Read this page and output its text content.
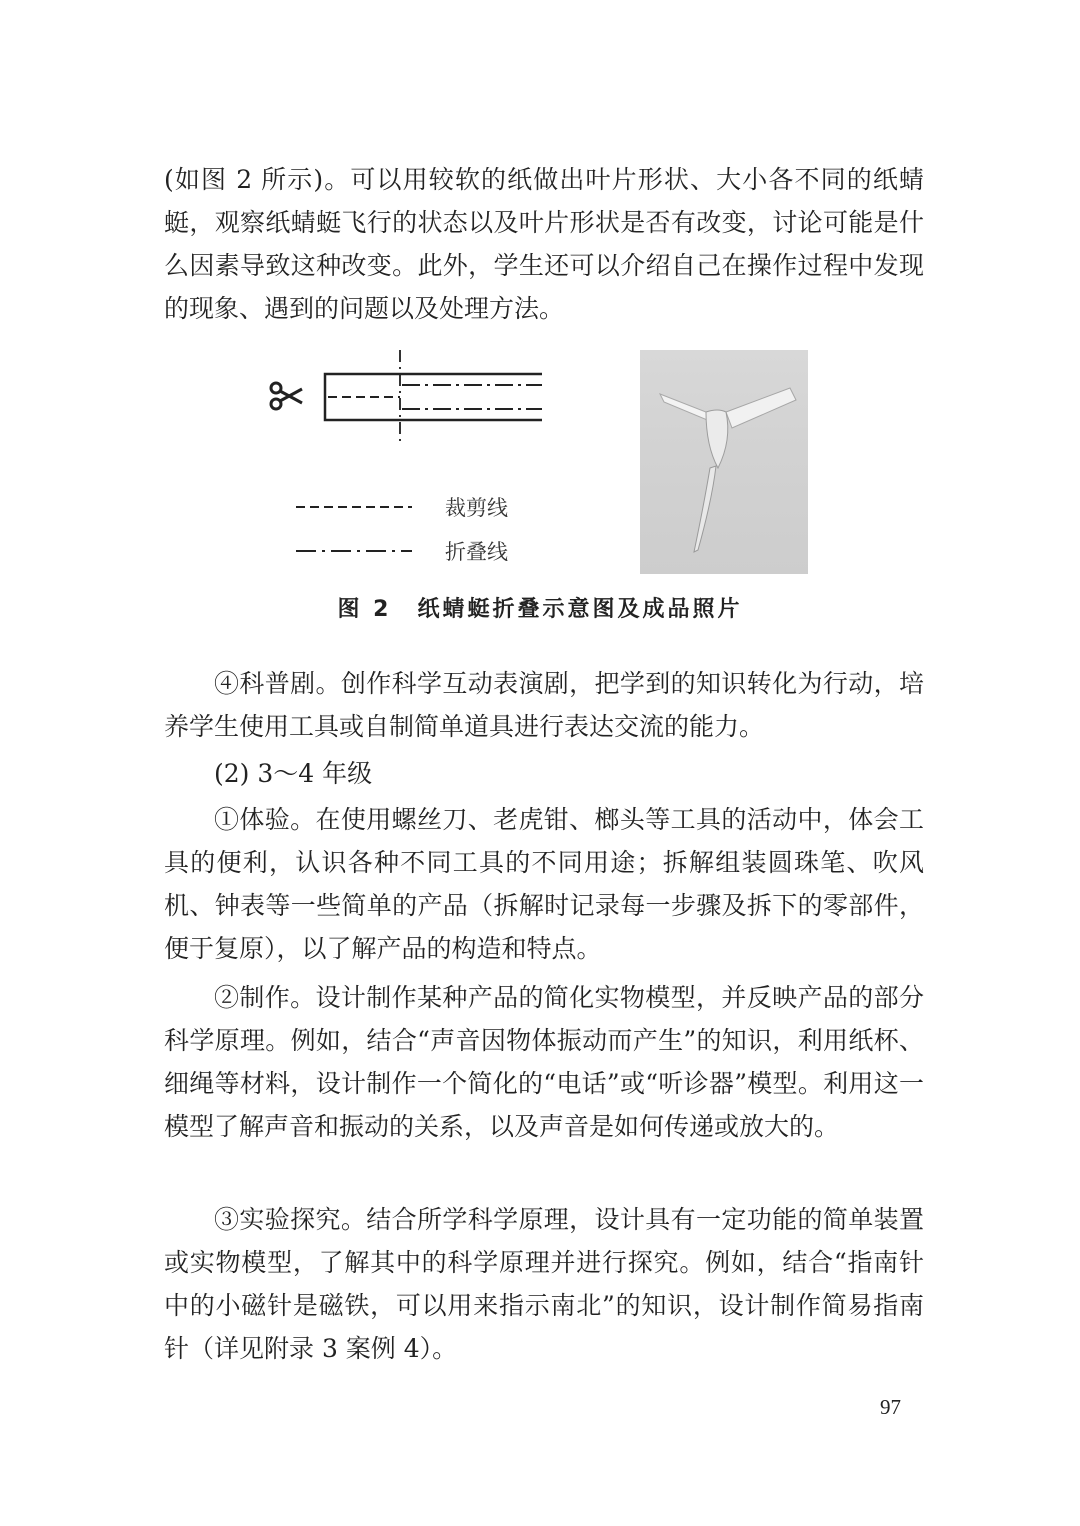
(如图 2 所示)。可以用较软的纸做出叶片形状、大小各不同的纸蜻蜓，观察纸蜻蜓飞行的状态以及叶片形状是否有改变，讨论可能是什么因素导致这种改变。此外，学生还可以介绍自己在操作过程中发现的现象、遇到的问题以及处理方法。

裁剪线
折叠线
图 2 纸蜻蜓折叠示意图及成品照片

④科普剧。创作科学互动表演剧，把学到的知识转化为行动，培养学生使用工具或自制简单道具进行表达交流的能力。

(2) 3～4 年级

①体验。在使用螺丝刀、老虎钳、榔头等工具的活动中，体会工具的便利，认识各种不同工具的不同用途；拆解组装圆珠笔、吹风机、钟表等一些简单的产品（拆解时记录每一步骤及拆下的零部件，便于复原），以了解产品的构造和特点。

②制作。设计制作某种产品的简化实物模型，并反映产品的部分科学原理。例如，结合“声音因物体振动而产生”的知识，利用纸杯、细绳等材料，设计制作一个简化的“电话”或“听诊器”模型。利用这一模型了解声音和振动的关系，以及声音是如何传递或放大的。

③实验探究。结合所学科学原理，设计具有一定功能的简单装置或实物模型，了解其中的科学原理并进行探究。例如，结合“指南针中的小磁针是磁铁，可以用来指示南北”的知识，设计制作简易指南针（详见附录 3 案例 4）。

97
